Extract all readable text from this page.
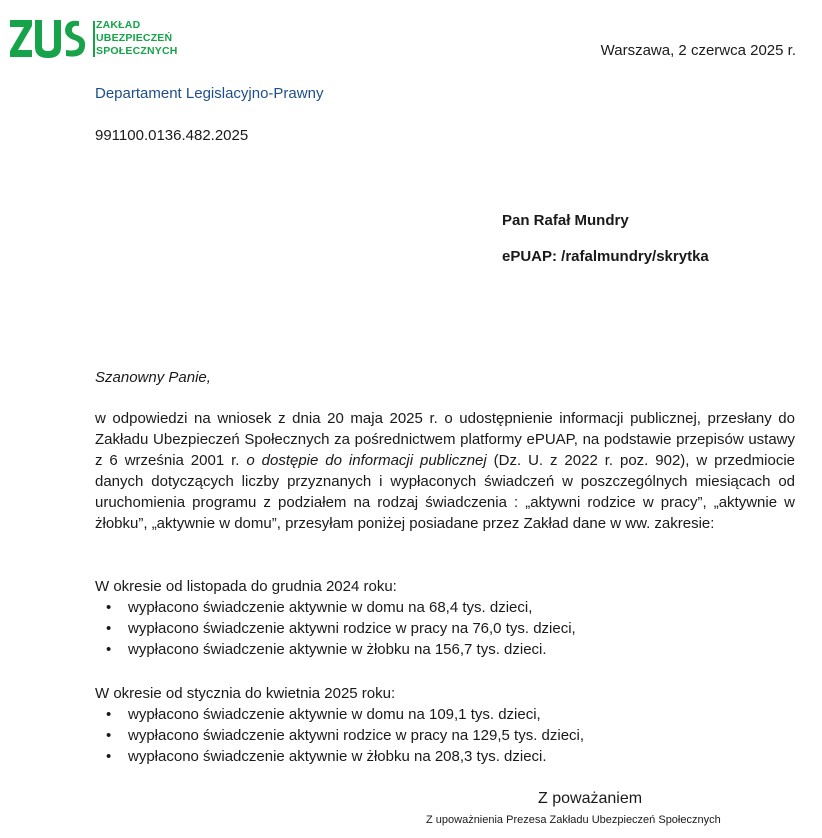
ZAKŁAD
UBEZPIECZEŃ
SPOŁECZNYCH	Warszawa, 2 czerwca 2025 r.
Departament Legislacyjno-Prawny
991100.0136.482.2025
Pan Rafał Mundry
ePUAP: /rafalmundry/skrytka
Szanowny Panie,
w odpowiedzi na wniosek z dnia 20 maja 2025 r. o udostępnienie informacji publicznej, przesłany do Zakładu Ubezpieczeń Społecznych za pośrednictwem platformy ePUAP, na podstawie przepisów ustawy z 6 września 2001 r. o dostępie do informacji publicznej (Dz. U. z 2022 r. poz. 902), w przedmiocie danych dotyczących liczby przyznanych i wypłaconych świadczeń w poszczególnych miesiącach od uruchomienia programu z podziałem na rodzaj świadczenia : „aktywni rodzice w pracy”, „aktywnie w żłobku”, „aktywnie w domu”, przesyłam poniżej posiadane przez Zakład dane w ww. zakresie:
W okresie od listopada do grudnia 2024 roku:
• wypłacono świadczenie aktywnie w domu na 68,4 tys. dzieci,
• wypłacono świadczenie aktywni rodzice w pracy na 76,0 tys. dzieci,
• wypłacono świadczenie aktywnie w żłobku na 156,7 tys. dzieci.
W okresie od stycznia do kwietnia 2025 roku:
• wypłacono świadczenie aktywnie w domu na 109,1 tys. dzieci,
• wypłacono świadczenie aktywni rodzice w pracy na 129,5 tys. dzieci,
• wypłacono świadczenie aktywnie w żłobku na 208,3 tys. dzieci.
Z poważaniem
Z upoważnienia Prezesa Zakładu Ubezpieczeń Społecznych
